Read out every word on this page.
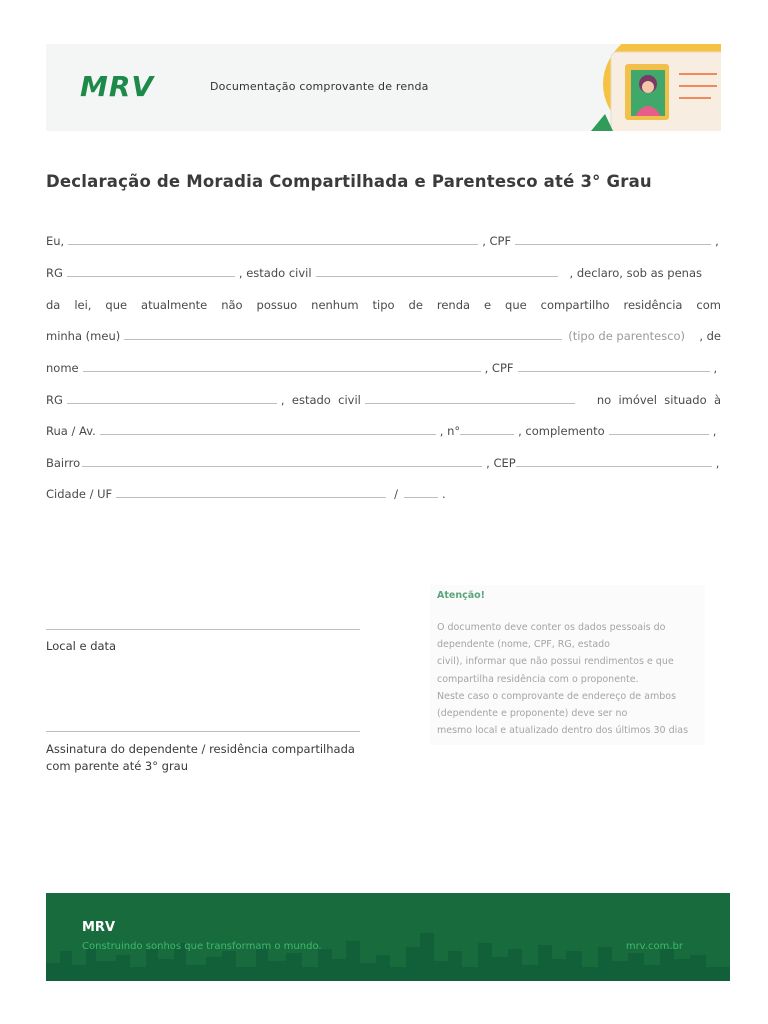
MRV	Documentação comprovante de renda
Declaração de Moradia Compartilhada e Parentesco até 3° Grau
Eu,	, CPF	,
RG	, estado civil	, declaro, sob as penas
da lei, que atualmente não possuo nenhum tipo de renda e que compartilho residência com
minha (meu)	(tipo de parentesco)	, de
nome	, CPF	,
RG	,  estado  civil	no  imóvel  situado  à
Rua / Av.	, n°	, complemento	,
Bairro	, CEP	,
Cidade / UF	/	.
Local e data
Assinatura do dependente / residência compartilhada
com parente até 3° grau
Atenção!
O documento deve conter os dados pessoais do
dependente (nome, CPF, RG, estado
civil), informar que não possui rendimentos e que
compartilha residência com o proponente.
Neste caso o comprovante de endereço de ambos
(dependente e proponente) deve ser no
mesmo local e atualizado dentro dos últimos 30 dias
MRV
Construindo sonhos que transformam o mundo.	mrv.com.br
